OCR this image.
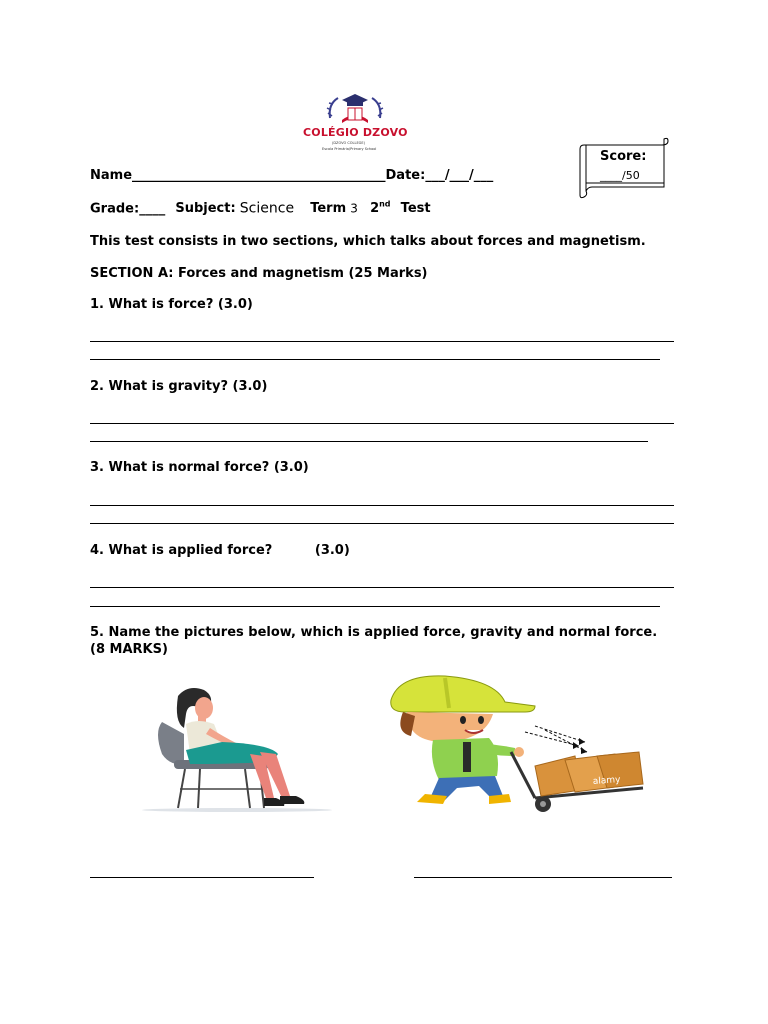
COLÉGIO DZOVO
(DZOVO COLLEGE)
Escola Primária/Primary School	Score:
____/50
Name_______________________________________Date:___/___/___
Grade:____ Subject: Science Term 3 2nd Test
This test consists in two sections, which talks about forces and magnetism.
SECTION A: Forces and magnetism (25 Marks)
1. What is force? (3.0)
2. What is gravity? (3.0)
3. What is normal force? (3.0)
4. What is applied force?	(3.0)
5. Name the pictures below, which is applied force, gravity and normal force.
(8 MARKS)
alamy
